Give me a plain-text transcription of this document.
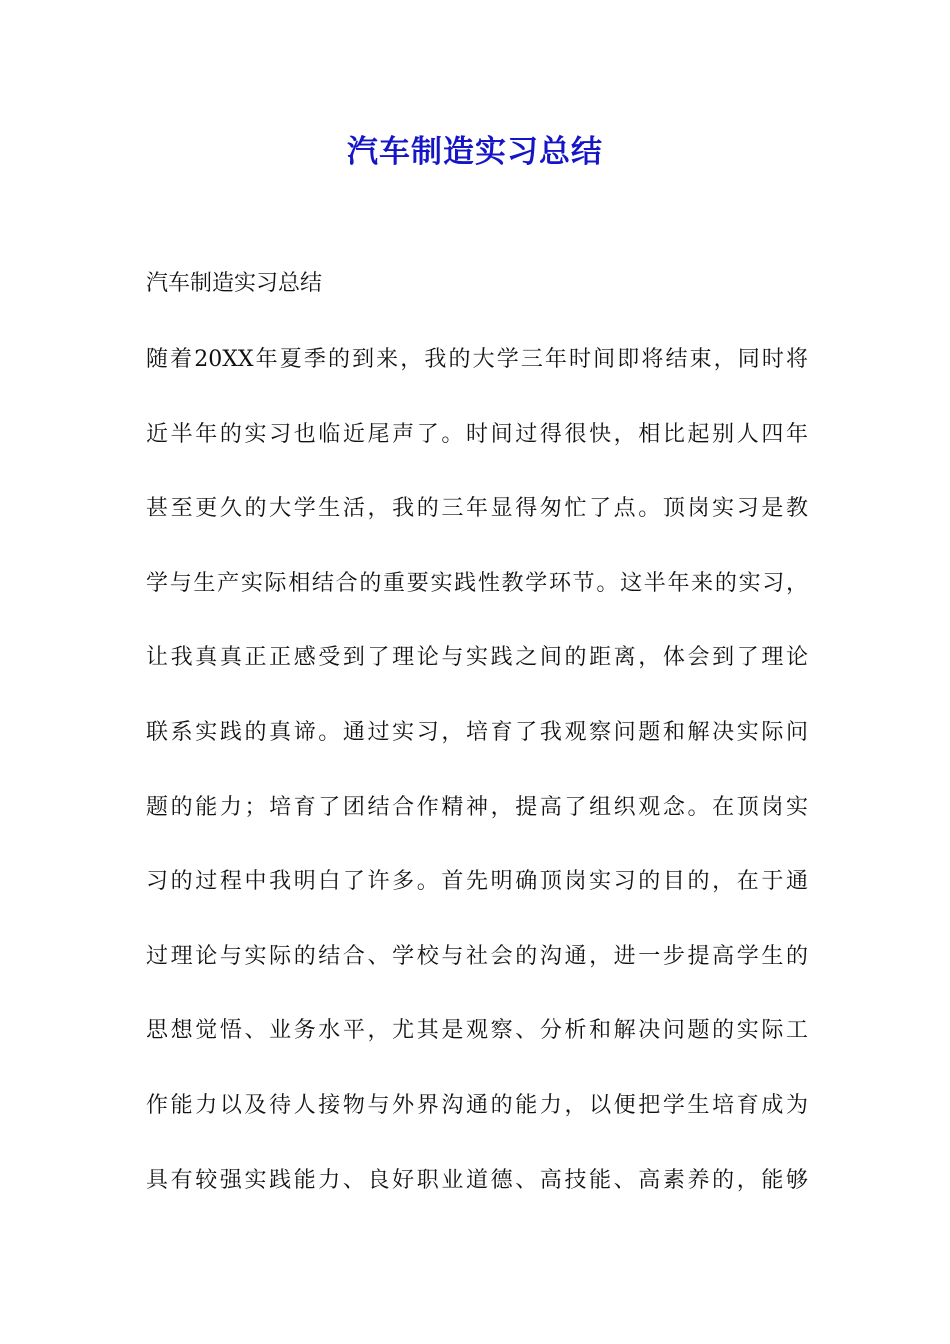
汽车制造实习总结
汽车制造实习总结
随着20XX年夏季的到来，我的大学三年时间即将结束，同时将
近半年的实习也临近尾声了。时间过得很快，相比起别人四年
甚至更久的大学生活，我的三年显得匆忙了点。顶岗实习是教
学与生产实际相结合的重要实践性教学环节。这半年来的实习，
让我真真正正感受到了理论与实践之间的距离，体会到了理论
联系实践的真谛。通过实习，培育了我观察问题和解决实际问
题的能力；培育了团结合作精神，提高了组织观念。在顶岗实
习的过程中我明白了许多。首先明确顶岗实习的目的，在于通
过理论与实际的结合、学校与社会的沟通，进一步提高学生的
思想觉悟、业务水平，尤其是观察、分析和解决问题的实际工
作能力以及待人接物与外界沟通的能力，以便把学生培育成为
具有较强实践能力、良好职业道德、高技能、高素养的，能够
